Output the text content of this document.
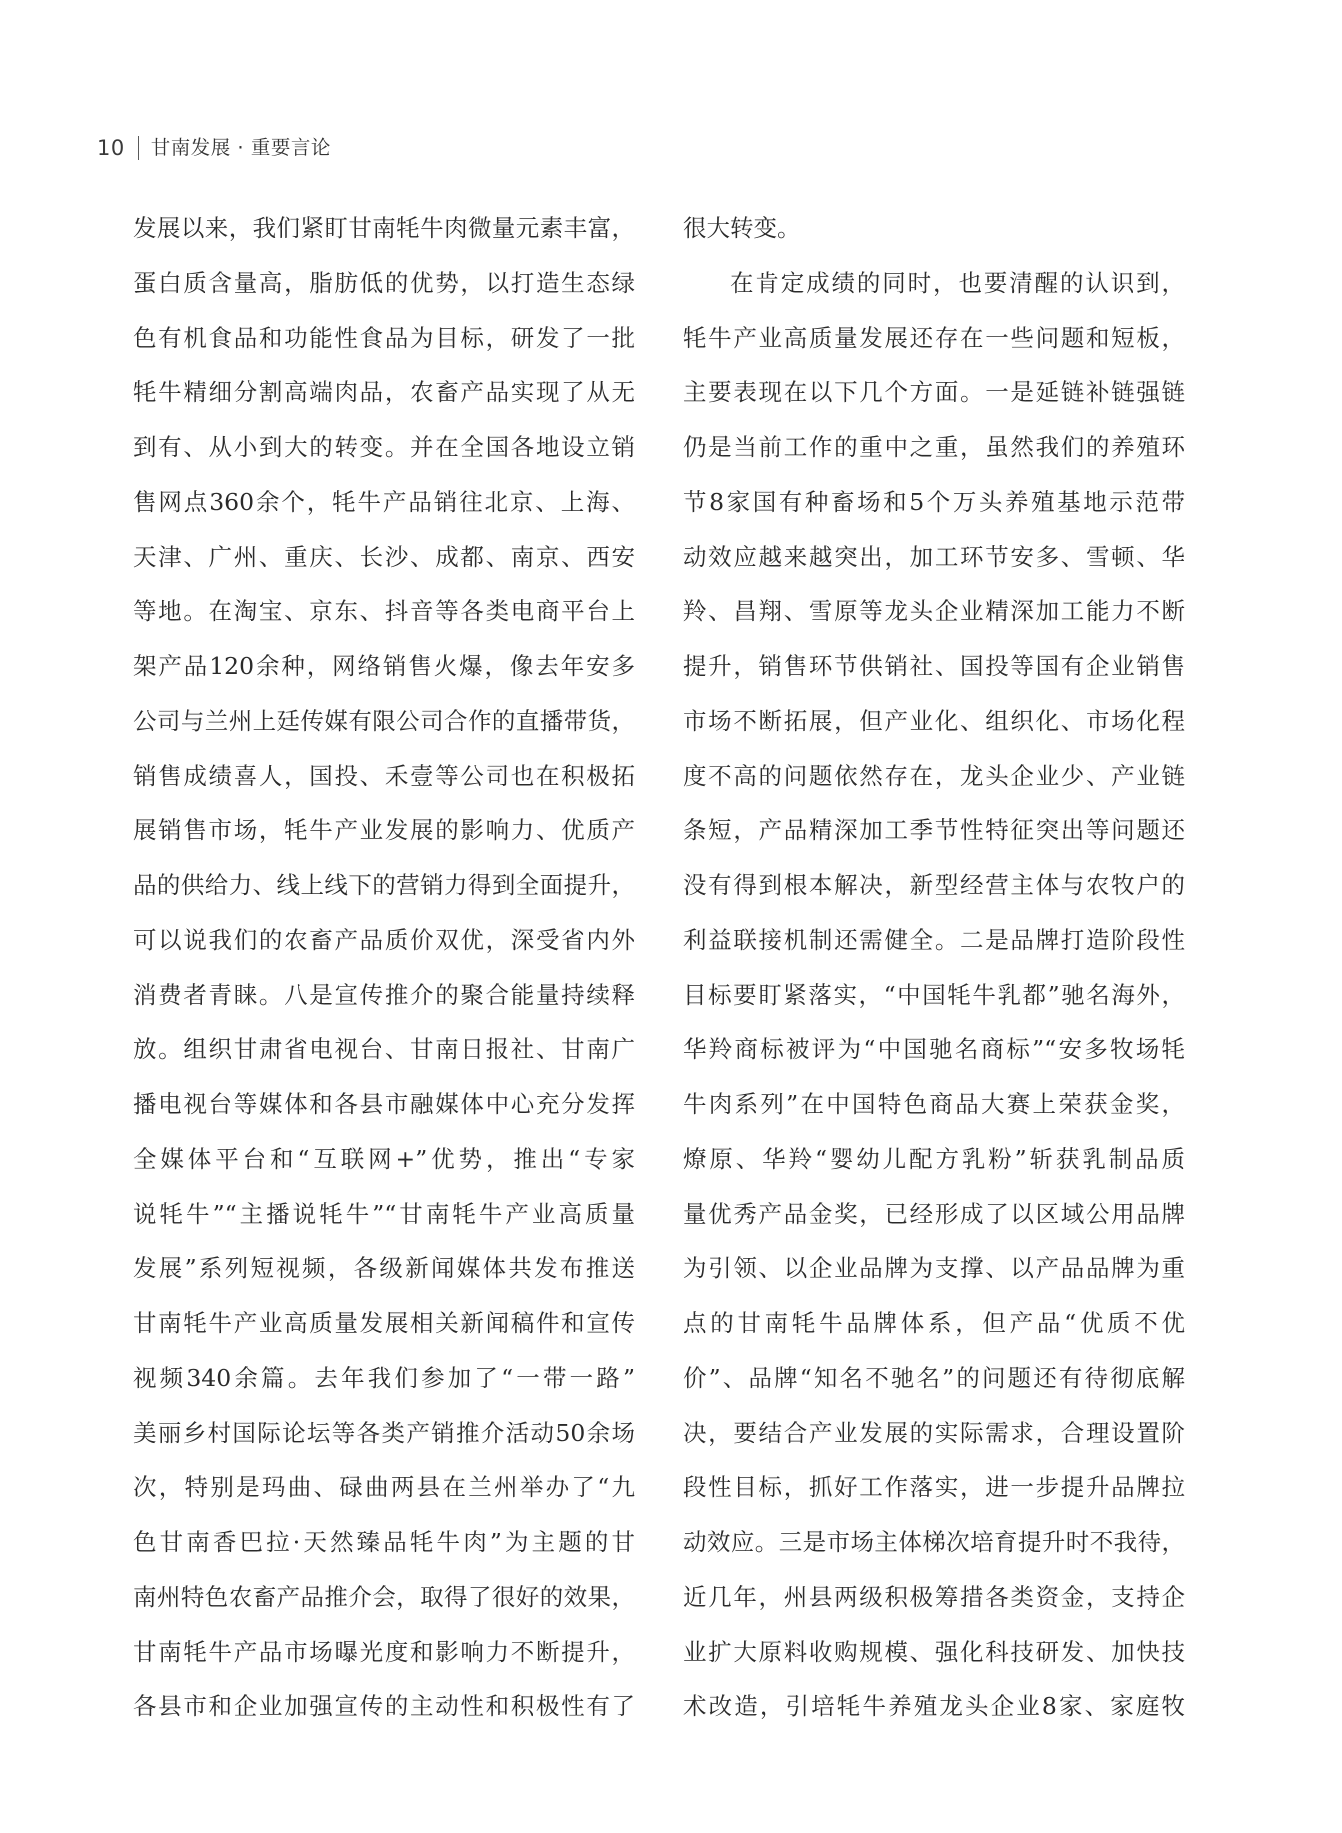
10 甘南发展 · 重要言论
发展以来，我们紧盯甘南牦牛肉微量元素丰富，
蛋白质含量高，脂肪低的优势，以打造生态绿
色有机食品和功能性食品为目标，研发了一批
牦牛精细分割高端肉品，农畜产品实现了从无
到有、从小到大的转变。并在全国各地设立销
售网点360余个，牦牛产品销往北京、上海、
天津、广州、重庆、长沙、成都、南京、西安
等地。在淘宝、京东、抖音等各类电商平台上
架产品120余种，网络销售火爆，像去年安多
公司与兰州上廷传媒有限公司合作的直播带货，
销售成绩喜人，国投、禾壹等公司也在积极拓
展销售市场，牦牛产业发展的影响力、优质产
品的供给力、线上线下的营销力得到全面提升，
可以说我们的农畜产品质价双优，深受省内外
消费者青睐。八是宣传推介的聚合能量持续释
放。组织甘肃省电视台、甘南日报社、甘南广
播电视台等媒体和各县市融媒体中心充分发挥
全媒体平台和“互联网+”优势，推出“专家
说牦牛”“主播说牦牛”“甘南牦牛产业高质量
发展”系列短视频，各级新闻媒体共发布推送
甘南牦牛产业高质量发展相关新闻稿件和宣传
视频340余篇。去年我们参加了“一带一路”
美丽乡村国际论坛等各类产销推介活动50余场
次，特别是玛曲、碌曲两县在兰州举办了“九
色甘南香巴拉·天然臻品牦牛肉”为主题的甘
南州特色农畜产品推介会，取得了很好的效果，
甘南牦牛产品市场曝光度和影响力不断提升，
各县市和企业加强宣传的主动性和积极性有了
很大转变。
在肯定成绩的同时，也要清醒的认识到，
牦牛产业高质量发展还存在一些问题和短板，
主要表现在以下几个方面。一是延链补链强链
仍是当前工作的重中之重，虽然我们的养殖环
节8家国有种畜场和5个万头养殖基地示范带
动效应越来越突出，加工环节安多、雪顿、华
羚、昌翔、雪原等龙头企业精深加工能力不断
提升，销售环节供销社、国投等国有企业销售
市场不断拓展，但产业化、组织化、市场化程
度不高的问题依然存在，龙头企业少、产业链
条短，产品精深加工季节性特征突出等问题还
没有得到根本解决，新型经营主体与农牧户的
利益联接机制还需健全。二是品牌打造阶段性
目标要盯紧落实，“中国牦牛乳都”驰名海外，
华羚商标被评为“中国驰名商标”“安多牧场牦
牛肉系列”在中国特色商品大赛上荣获金奖，
燎原、华羚“婴幼儿配方乳粉”斩获乳制品质
量优秀产品金奖，已经形成了以区域公用品牌
为引领、以企业品牌为支撑、以产品品牌为重
点的甘南牦牛品牌体系，但产品“优质不优
价”、品牌“知名不驰名”的问题还有待彻底解
决，要结合产业发展的实际需求，合理设置阶
段性目标，抓好工作落实，进一步提升品牌拉
动效应。三是市场主体梯次培育提升时不我待，
近几年，州县两级积极筹措各类资金，支持企
业扩大原料收购规模、强化科技研发、加快技
术改造，引培牦牛养殖龙头企业8家、家庭牧
